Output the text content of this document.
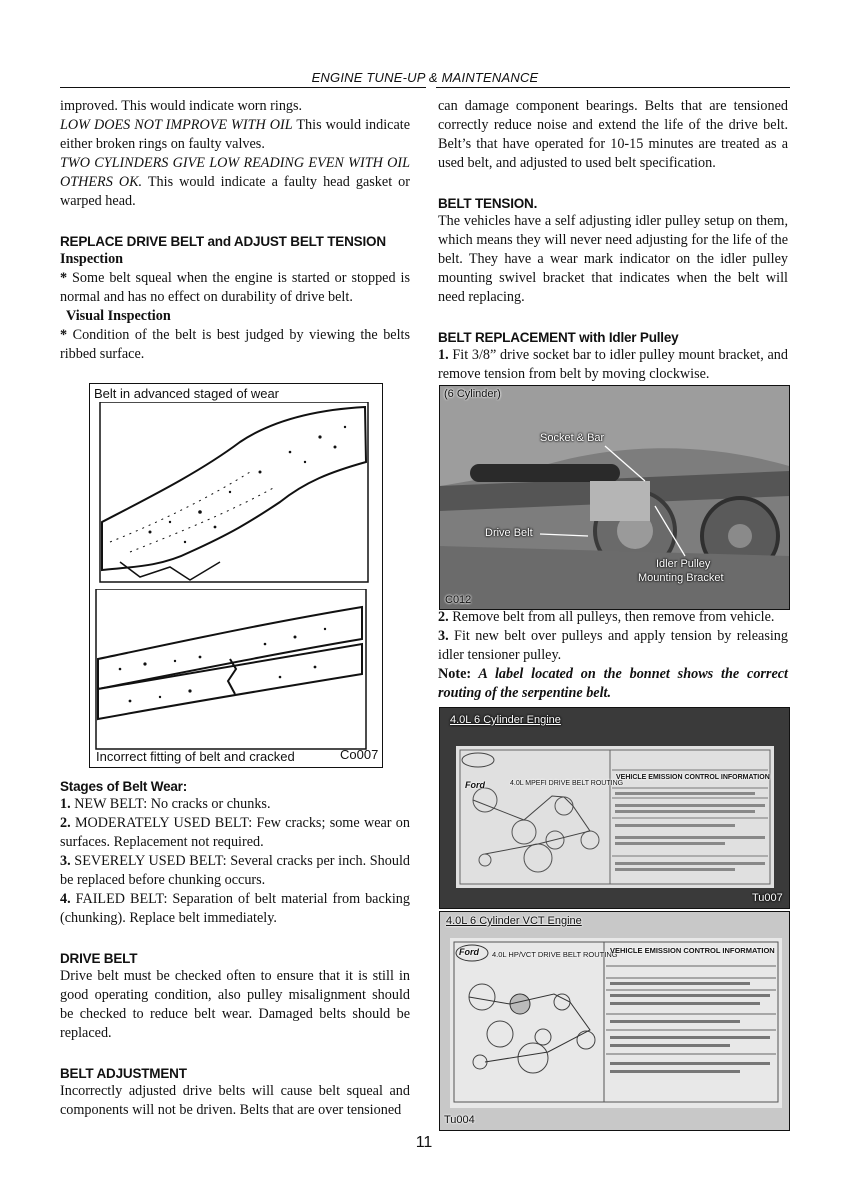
ENGINE TUNE-UP & MAINTENANCE

improved. This would indicate worn rings.

LOW DOES NOT IMPROVE WITH OIL This would indicate either broken rings on faulty valves.

TWO CYLINDERS GIVE LOW READING EVEN WITH OIL OTHERS OK. This would indicate a faulty head gasket or warped head.

REPLACE DRIVE BELT and ADJUST BELT TENSION

Inspection

* Some belt squeal when the engine is started or stopped is normal and has no effect on durability of drive belt.

Visual Inspection

* Condition of the belt is best judged by viewing the belts ribbed surface.

Belt in advanced staged of wear
Incorrect fitting of belt and cracked	Co007

Stages of Belt Wear:

1. NEW BELT: No cracks or chunks.

2. MODERATELY USED BELT: Few cracks; some wear on surfaces. Replacement not required.

3. SEVERELY USED BELT: Several cracks per inch. Should be replaced before chunking occurs.

4. FAILED BELT: Separation of belt material from backing (chunking). Replace belt immediately.

DRIVE BELT

Drive belt must be checked often to ensure that it is still in good operating condition, also pulley misalignment should be checked to reduce belt wear. Damaged belts should be replaced.

BELT ADJUSTMENT

Incorrectly adjusted drive belts will cause belt squeal and components will not be driven. Belts that are over tensioned

can damage component bearings. Belts that are tensioned correctly reduce noise and extend the life of the drive belt. Belt’s that have operated for 10-15 minutes are treated as a used belt, and adjusted to used belt specification.

BELT TENSION.

The vehicles have a self adjusting idler pulley setup on them, which means they will never need adjusting for the life of the belt. They have a wear mark indicator on the idler pulley mounting swivel bracket that indicates when the belt will need replacing.

BELT REPLACEMENT with Idler Pulley

1. Fit 3/8” drive socket bar to idler pulley mount bracket, and remove tension from belt by moving clockwise.

(6 Cylinder)
Socket & Bar
Drive Belt
Idler Pulley
Mounting Bracket
C012

2. Remove belt from all pulleys, then remove from vehicle.

3. Fit new belt over pulleys and apply tension by releasing idler tensioner pulley.

Note: A label located on the bonnet shows the correct routing of the serpentine belt.

4.0L 6 Cylinder Engine
Ford	4.0L MPEFI DRIVE BELT ROUTING
VEHICLE EMISSION CONTROL INFORMATION
Tu007
4.0L 6 Cylinder VCT Engine
Ford 4.0L HP/VCT DRIVE BELT ROUTING
VEHICLE EMISSION CONTROL INFORMATION
Tu004
11
